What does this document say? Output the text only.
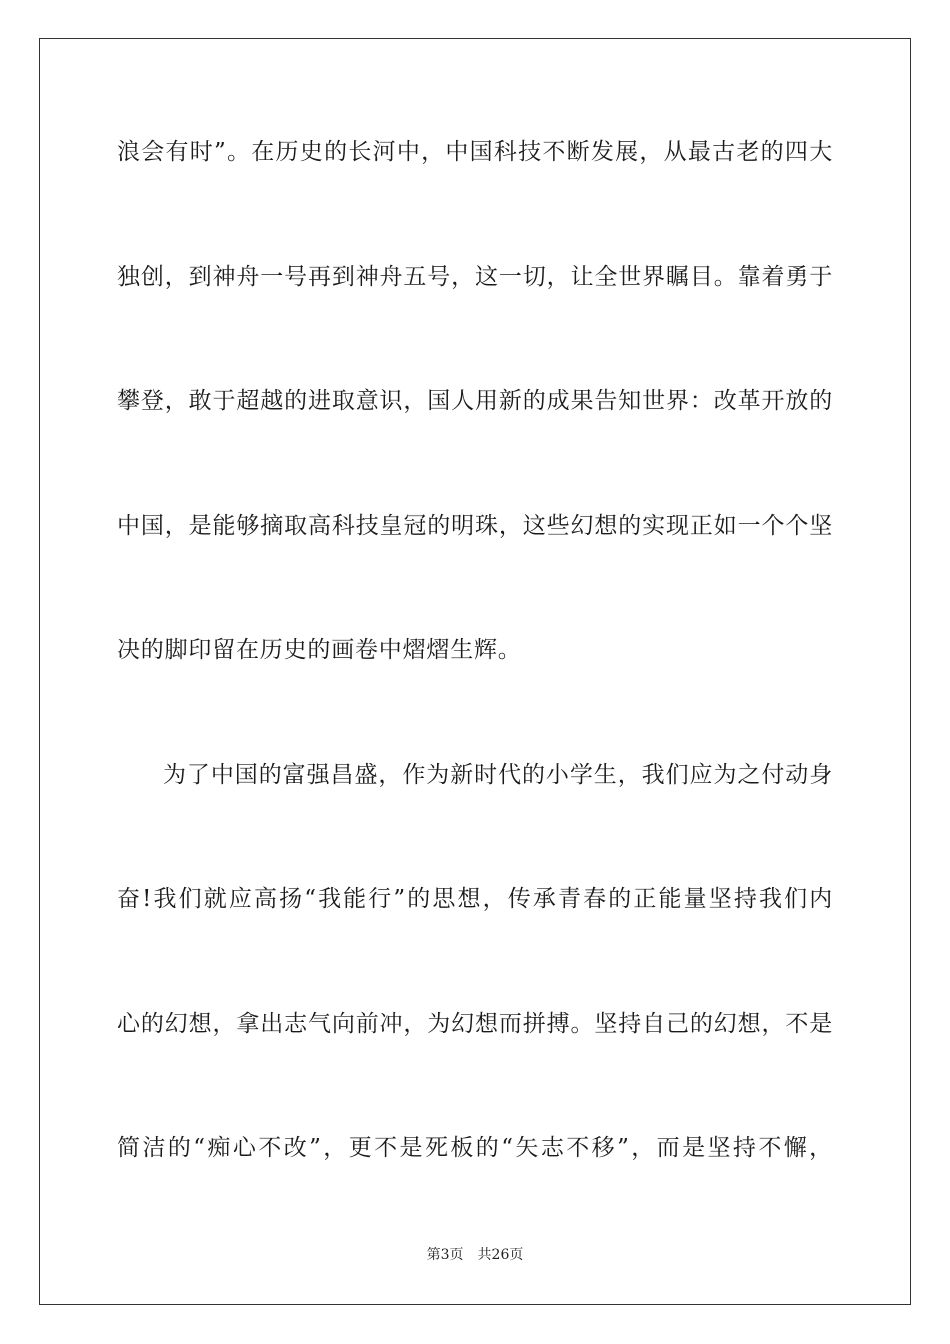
浪会有时”。在历史的长河中，中国科技不断发展，从最古老的四大
独创，到神舟一号再到神舟五号，这一切，让全世界瞩目。靠着勇于
攀登，敢于超越的进取意识，国人用新的成果告知世界：改革开放的
中国，是能够摘取高科技皇冠的明珠，这些幻想的实现正如一个个坚
决的脚印留在历史的画卷中熠熠生辉。
为了中国的富强昌盛，作为新时代的小学生，我们应为之付动身
奋!我们就应高扬“我能行”的思想，传承青春的正能量坚持我们内
心的幻想，拿出志气向前冲，为幻想而拼搏。坚持自己的幻想，不是
简洁的“痴心不改”，更不是死板的“矢志不移”，而是坚持不懈，
第3页 共26页
